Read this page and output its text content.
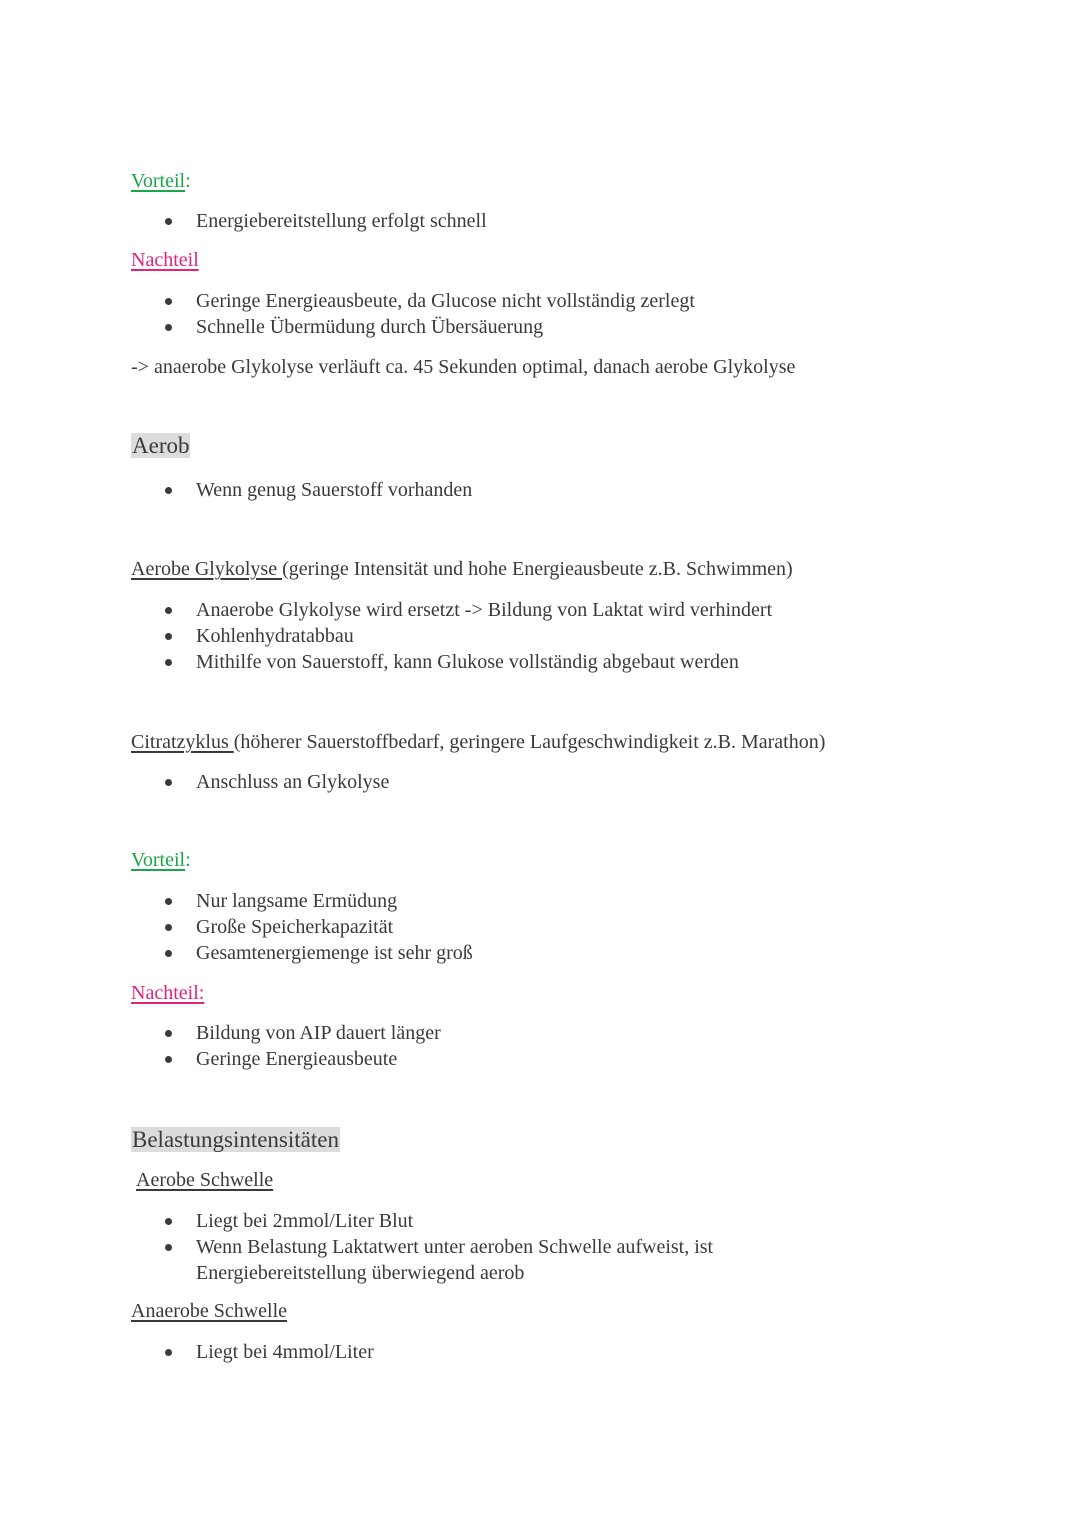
Vorteil:
Energiebereitstellung erfolgt schnell
Nachteil
Geringe Energieausbeute, da Glucose nicht vollständig zerlegt
Schnelle Übermüdung durch Übersäuerung
-> anaerobe Glykolyse verläuft ca. 45 Sekunden optimal, danach aerobe Glykolyse
Aerob
Wenn genug Sauerstoff vorhanden
Aerobe Glykolyse (geringe Intensität und hohe Energieausbeute z.B. Schwimmen)
Anaerobe Glykolyse wird ersetzt -> Bildung von Laktat wird verhindert
Kohlenhydratabbau
Mithilfe von Sauerstoff, kann Glukose vollständig abgebaut werden
Citratzyklus (höherer Sauerstoffbedarf, geringere Laufgeschwindigkeit z.B. Marathon)
Anschluss an Glykolyse
Vorteil:
Nur langsame Ermüdung
Große Speicherkapazität
Gesamtenergiemenge ist sehr groß
Nachteil:
Bildung von AIP dauert länger
Geringe Energieausbeute
Belastungsintensitäten
Aerobe Schwelle
Liegt bei 2mmol/Liter Blut
Wenn Belastung Laktatwert unter aeroben Schwelle aufweist, ist
Energiebereitstellung überwiegend aerob
Anaerobe Schwelle
Liegt bei 4mmol/Liter
